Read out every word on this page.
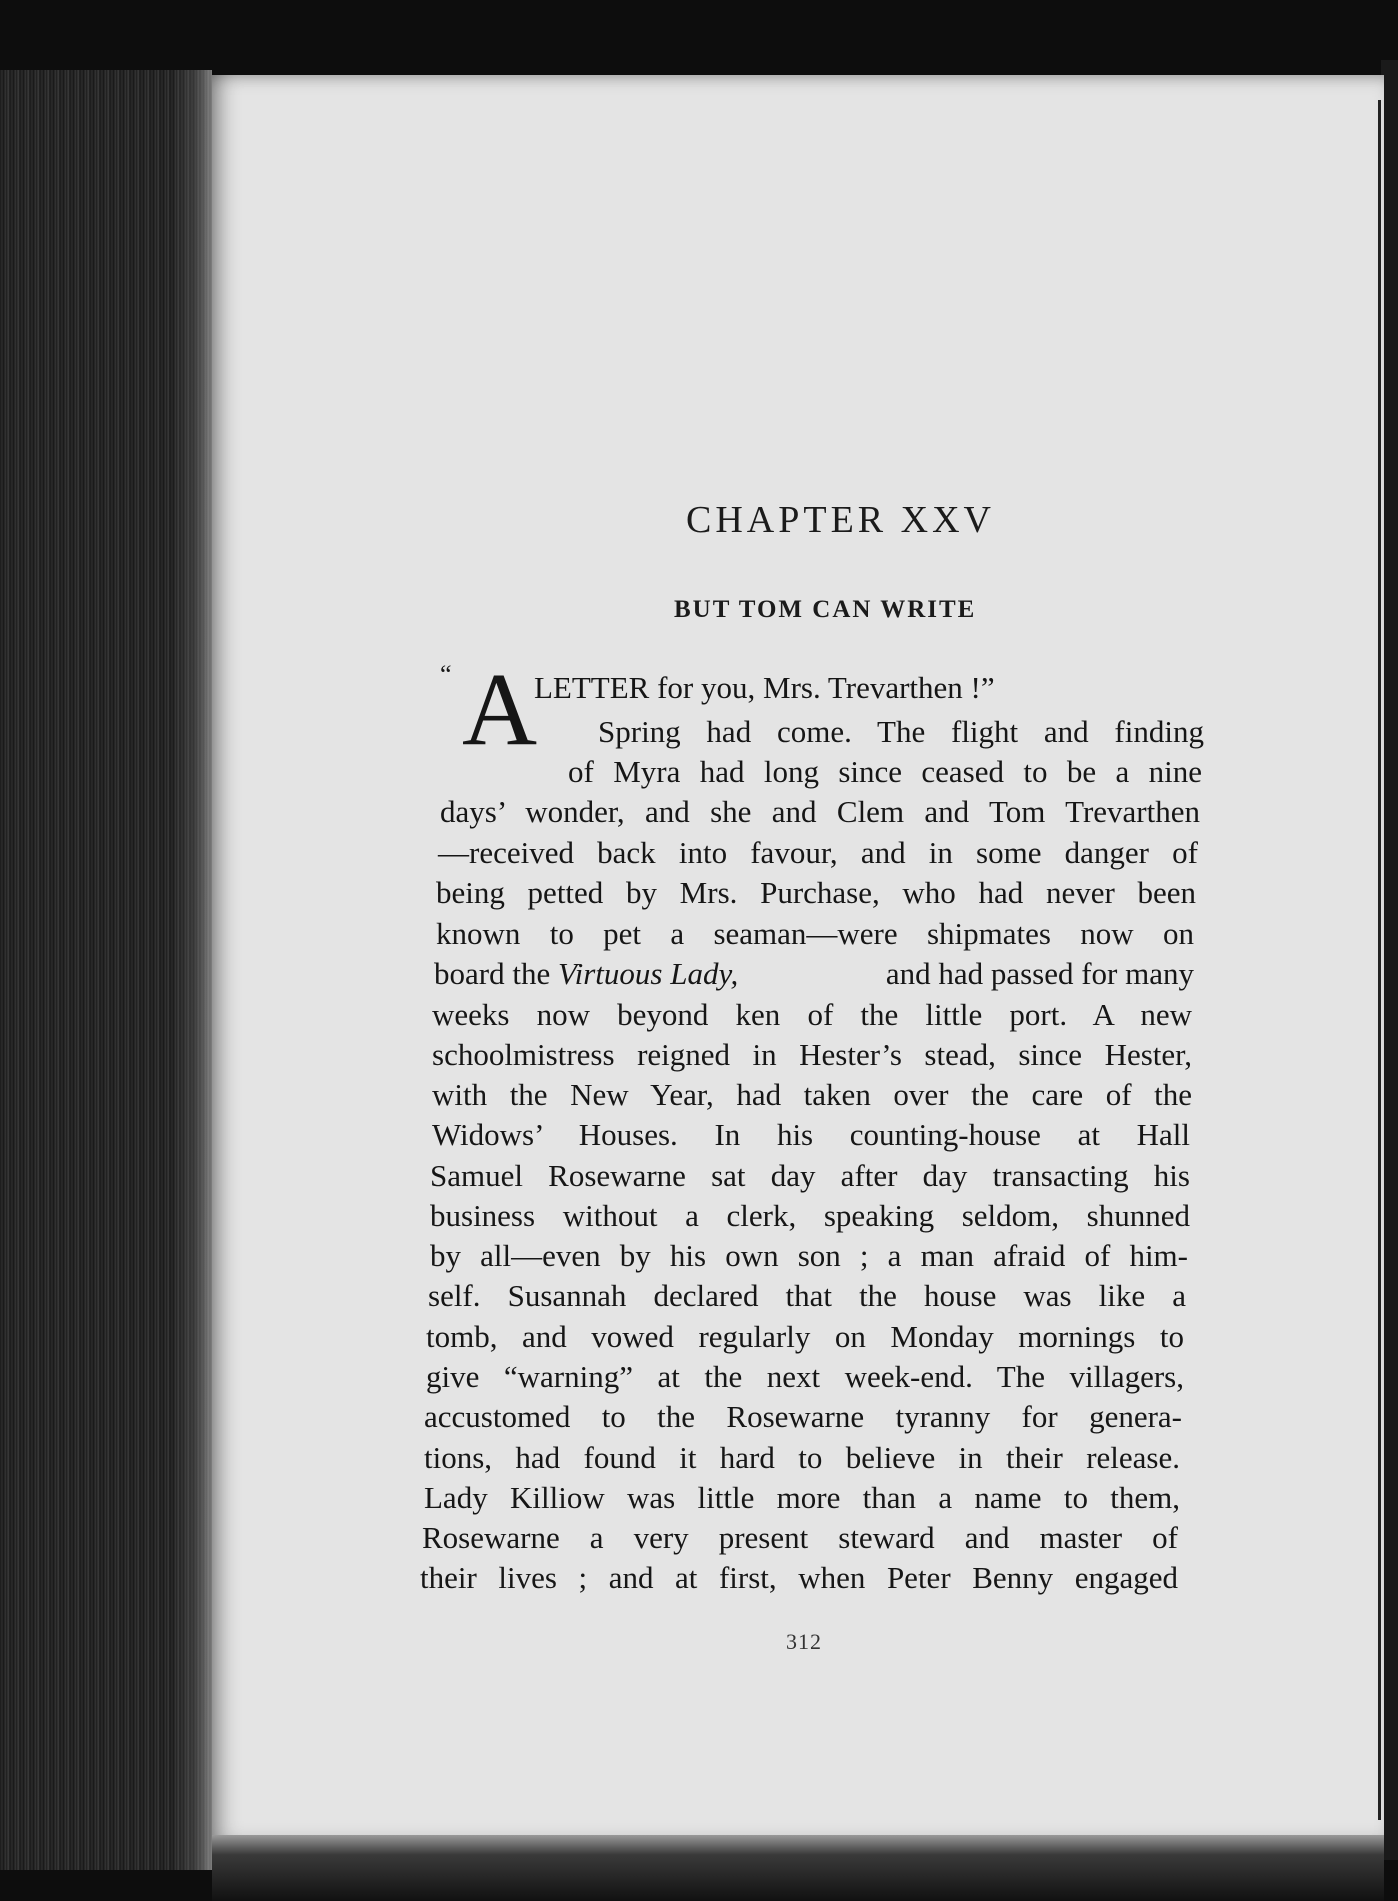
CHAPTER XXV
BUT TOM CAN WRITE
“ A
LETTER for you, Mrs. Trevarthen !”
Spring had come. The flight and finding
of Myra had long since ceased to be a nine
days’ wonder, and she and Clem and Tom Trevarthen
—received back into favour, and in some danger of
being petted by Mrs. Purchase, who had never been
known to pet a seaman—were shipmates now on
board the Virtuous Lady,	and had passed for many
weeks now beyond ken of the little port. A new
schoolmistress reigned in Hester’s stead, since Hester,
with the New Year, had taken over the care of the
Widows’ Houses. In his counting-house at Hall
Samuel Rosewarne sat day after day transacting his
business without a clerk, speaking seldom, shunned
by all—even by his own son ; a man afraid of him-
self. Susannah declared that the house was like a
tomb, and vowed regularly on Monday mornings to
give “warning” at the next week-end. The villagers,
accustomed to the Rosewarne tyranny for genera-
tions, had found it hard to believe in their release.
Lady Killiow was little more than a name to them,
Rosewarne a very present steward and master of
their lives ; and at first, when Peter Benny engaged
312
